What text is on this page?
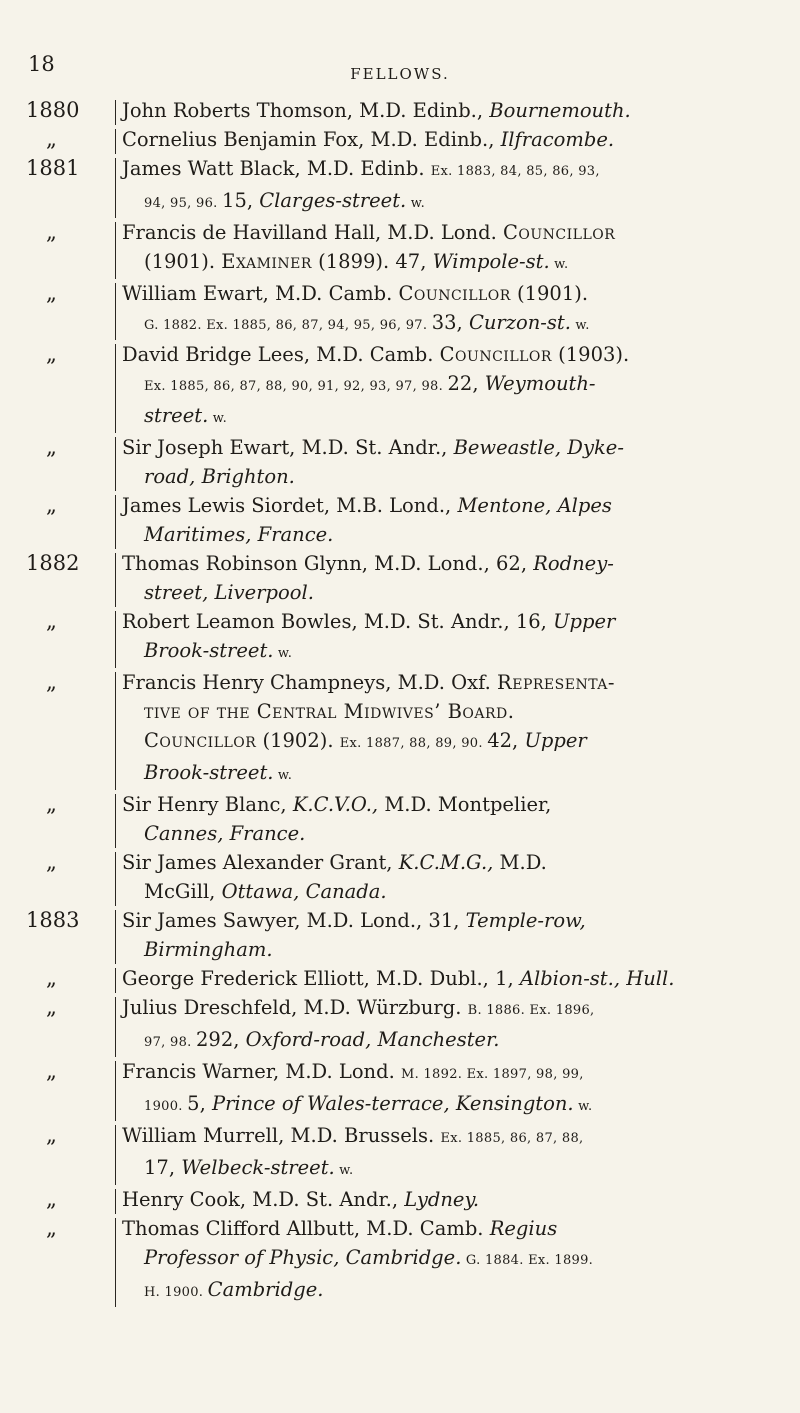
18	FELLOWS.
1880	John Roberts Thomson, M.D. Edinb., Bournemouth.
„	Cornelius Benjamin Fox, M.D. Edinb., Ilfracombe.
1881	James Watt Black, M.D. Edinb. Ex. 1883, 84, 85, 86, 93,
94, 95, 96. 15, Clarges-street. w.
„	Francis de Havilland Hall, M.D. Lond. Councillor
(1901). Examiner (1899). 47, Wimpole-st. w.
„	William Ewart, M.D. Camb. Councillor (1901).
G. 1882. Ex. 1885, 86, 87, 94, 95, 96, 97. 33, Curzon-st. w.
„	David Bridge Lees, M.D. Camb. Councillor (1903).
Ex. 1885, 86, 87, 88, 90, 91, 92, 93, 97, 98. 22, Weymouth-
street. w.
„	Sir Joseph Ewart, M.D. St. Andr., Beweastle, Dyke-
road, Brighton.
„	James Lewis Siordet, M.B. Lond., Mentone, Alpes
Maritimes, France.
1882	Thomas Robinson Glynn, M.D. Lond., 62, Rodney-
street, Liverpool.
„	Robert Leamon Bowles, M.D. St. Andr., 16, Upper
Brook-street. w.
„	Francis Henry Champneys, M.D. Oxf. Representa-
tive of the Central Midwives’ Board.
Councillor (1902). Ex. 1887, 88, 89, 90. 42, Upper
Brook-street. w.
„	Sir Henry Blanc, K.C.V.O., M.D. Montpelier,
Cannes, France.
„	Sir James Alexander Grant, K.C.M.G., M.D.
McGill, Ottawa, Canada.
1883	Sir James Sawyer, M.D. Lond., 31, Temple-row,
Birmingham.
„	George Frederick Elliott, M.D. Dubl., 1, Albion-st., Hull.
„	Julius Dreschfeld, M.D. Würzburg. B. 1886. Ex. 1896,
97, 98. 292, Oxford-road, Manchester.
„	Francis Warner, M.D. Lond. M. 1892. Ex. 1897, 98, 99,
1900. 5, Prince of Wales-terrace, Kensington. w.
„	William Murrell, M.D. Brussels. Ex. 1885, 86, 87, 88,
17, Welbeck-street. w.
„	Henry Cook, M.D. St. Andr., Lydney.
„	Thomas Clifford Allbutt, M.D. Camb. Regius
Professor of Physic, Cambridge. G. 1884. Ex. 1899.
H. 1900. Cambridge.
